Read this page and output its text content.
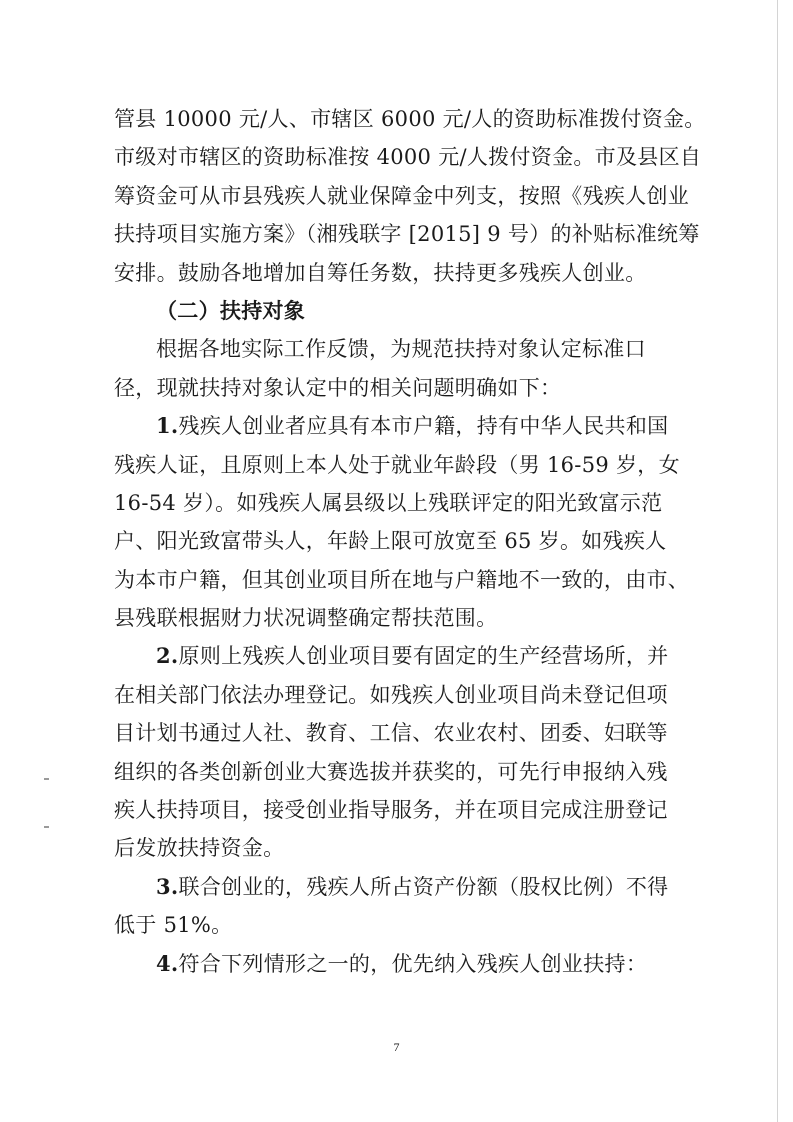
管县 10000 元/人、市辖区 6000 元/人的资助标准拨付资金。
市级对市辖区的资助标准按 4000 元/人拨付资金。市及县区自
筹资金可从市县残疾人就业保障金中列支，按照《残疾人创业
扶持项目实施方案》（湘残联字 [2015] 9 号）的补贴标准统筹
安排。鼓励各地增加自筹任务数，扶持更多残疾人创业。
（二）扶持对象
根据各地实际工作反馈，为规范扶持对象认定标准口
径，现就扶持对象认定中的相关问题明确如下：
1.残疾人创业者应具有本市户籍，持有中华人民共和国
残疾人证，且原则上本人处于就业年龄段（男 16-59 岁，女
16-54 岁）。如残疾人属县级以上残联评定的阳光致富示范
户、阳光致富带头人，年龄上限可放宽至 65 岁。如残疾人
为本市户籍，但其创业项目所在地与户籍地不一致的，由市、
县残联根据财力状况调整确定帮扶范围。
2.原则上残疾人创业项目要有固定的生产经营场所，并
在相关部门依法办理登记。如残疾人创业项目尚未登记但项
目计划书通过人社、教育、工信、农业农村、团委、妇联等
组织的各类创新创业大赛选拔并获奖的，可先行申报纳入残
疾人扶持项目，接受创业指导服务，并在项目完成注册登记
后发放扶持资金。
3.联合创业的，残疾人所占资产份额（股权比例）不得
低于 51%。
4.符合下列情形之一的，优先纳入残疾人创业扶持：
7
